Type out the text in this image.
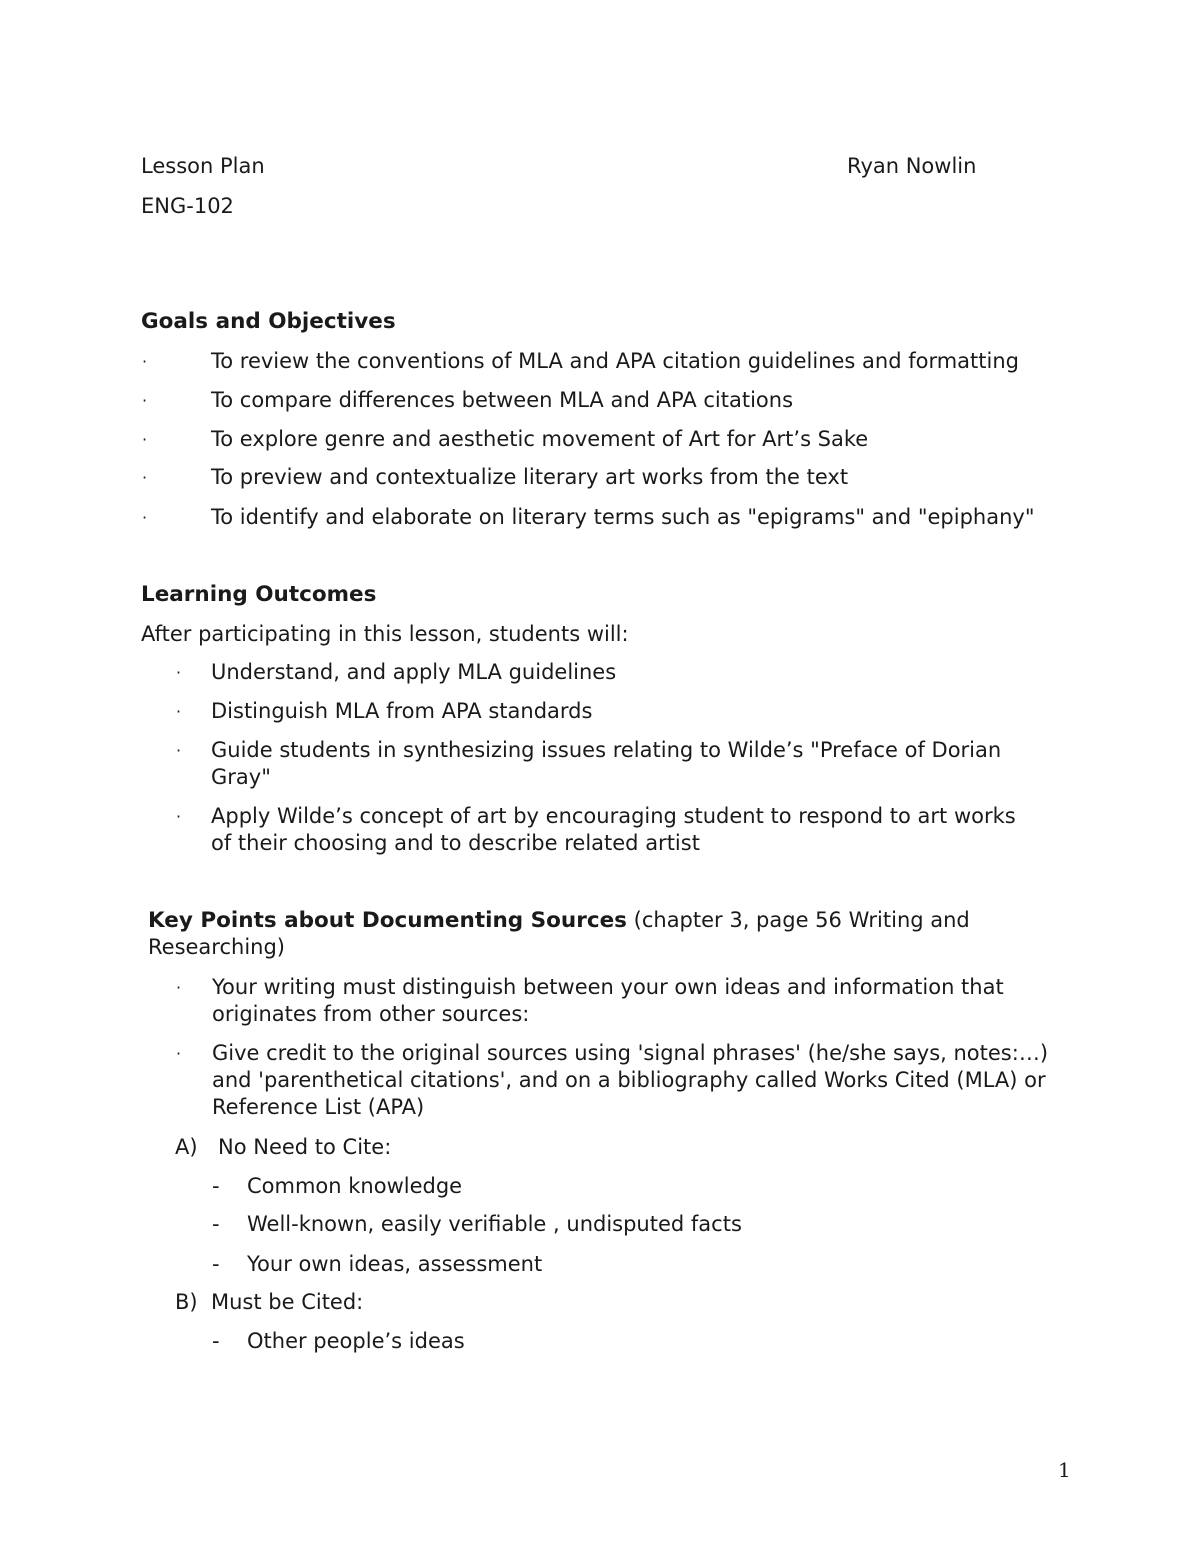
Lesson Plan	Ryan Nowlin
ENG-102
Goals and Objectives
·	To review the conventions of MLA and APA citation guidelines and formatting
·	To compare differences between MLA and APA citations
·	To explore genre and aesthetic movement of Art for Art’s Sake
·	To preview and contextualize literary art works from the text
·	To identify and elaborate on literary terms such as "epigrams" and "epiphany"
Learning Outcomes
After participating in this lesson, students will:
· Understand, and apply MLA guidelines
· Distinguish MLA from APA standards
· Guide students in synthesizing issues relating to Wilde’s "Preface of Dorian Gray"
· Apply Wilde’s concept of art by encouraging student to respond to art works of their choosing and to describe related artist
Key Points about Documenting Sources (chapter 3, page 56 Writing and Researching)
· Your writing must distinguish between your own ideas and information that originates from other sources:
· Give credit to the original sources using 'signal phrases' (he/she says, notes:…) and 'parenthetical citations', and on a bibliography called Works Cited (MLA) or Reference List (APA)
A) No Need to Cite:
- Common knowledge
- Well-known, easily verifiable , undisputed facts
- Your own ideas, assessment
B) Must be Cited:
- Other people’s ideas
1
